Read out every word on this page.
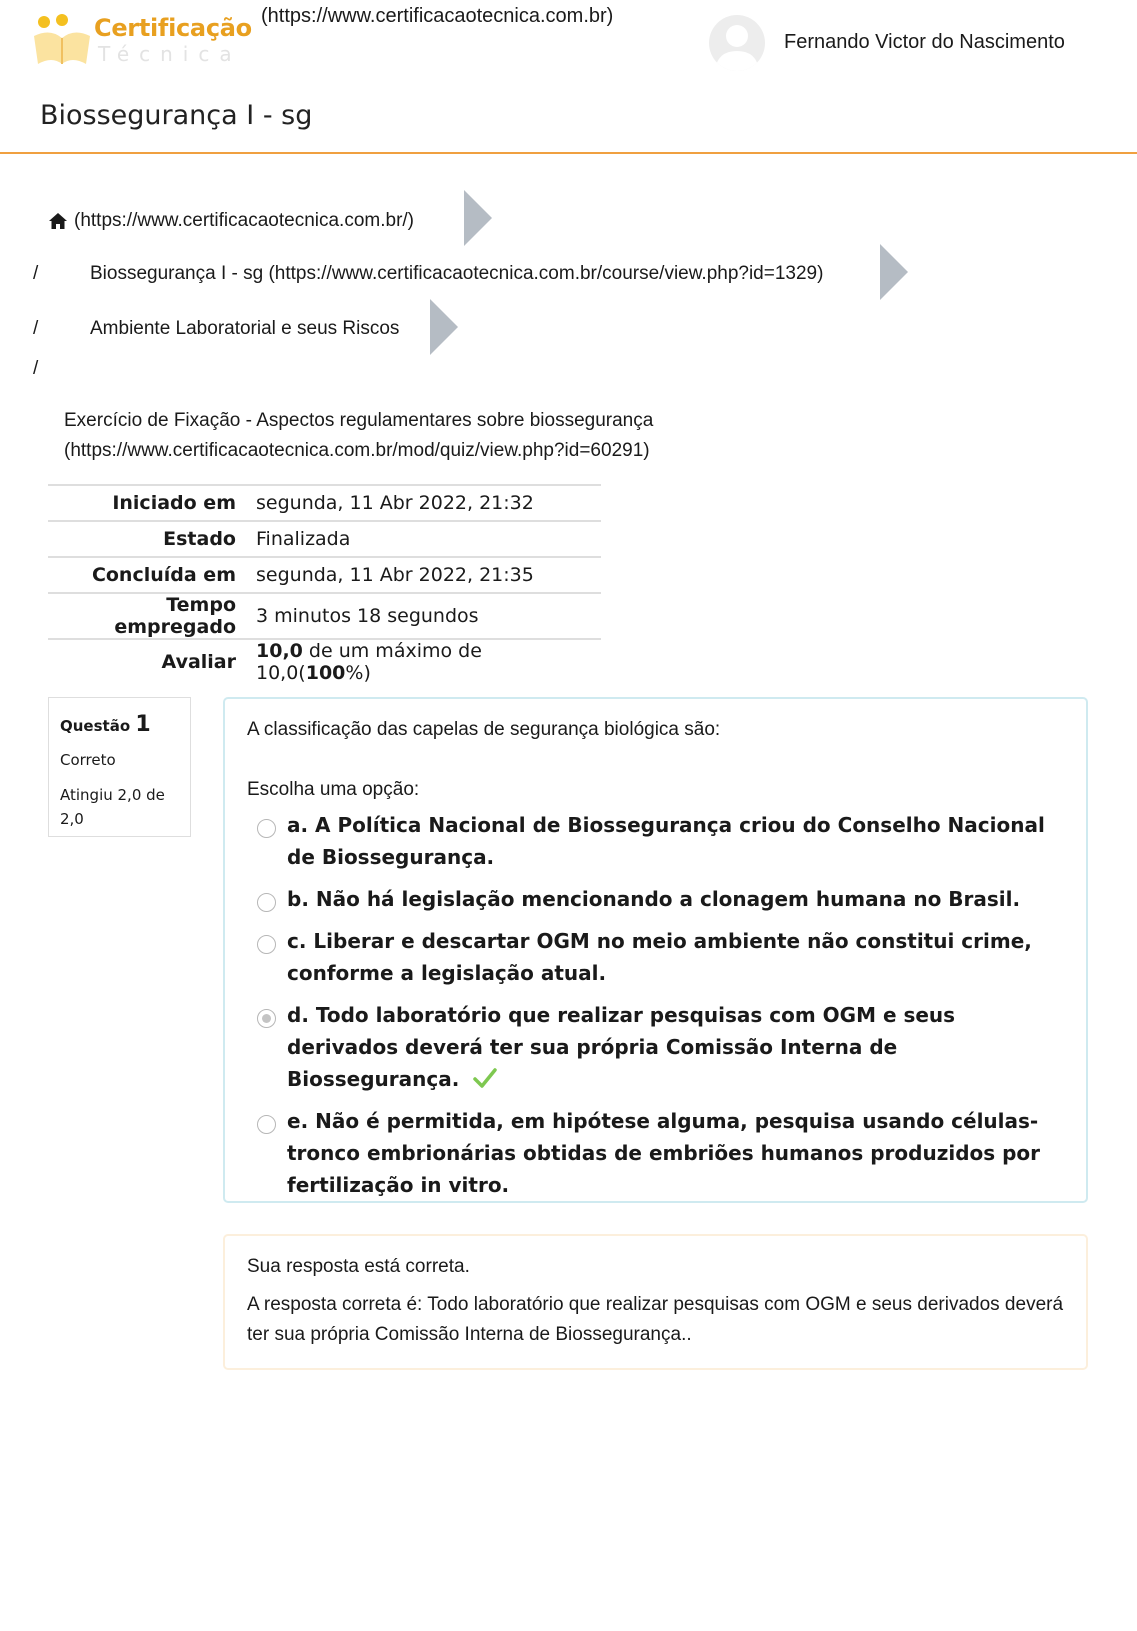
Certificação
Técnica
(https://www.certificacaotecnica.com.br)
Fernando Victor do Nascimento
Biossegurança I - sg
(https://www.certificacaotecnica.com.br/)
/	Biossegurança I - sg (https://www.certificacaotecnica.com.br/course/view.php?id=1329)
/	Ambiente Laboratorial e seus Riscos
/
Exercício de Fixação - Aspectos regulamentares sobre biossegurança (https://www.certificacaotecnica.com.br/mod/quiz/view.php?id=60291)
Iniciado em	segunda, 11 Abr 2022, 21:32
Estado	Finalizada
Concluída em	segunda, 11 Abr 2022, 21:35
Tempo empregado	3 minutos 18 segundos
Avaliar	10,0 de um máximo de 10,0(100%)
Questão 1
Correto
Atingiu 2,0 de 2,0
A classificação das capelas de segurança biológica são:
Escolha uma opção:
a. A Política Nacional de Biossegurança criou do Conselho Nacional de Biossegurança.
b. Não há legislação mencionando a clonagem humana no Brasil.
c. Liberar e descartar OGM no meio ambiente não constitui crime, conforme a legislação atual.
d. Todo laboratório que realizar pesquisas com OGM e seus derivados deverá ter sua própria Comissão Interna de Biossegurança.
e. Não é permitida, em hipótese alguma, pesquisa usando células-tronco embrionárias obtidas de embriões humanos produzidos por fertilização in vitro.
Sua resposta está correta.
A resposta correta é: Todo laboratório que realizar pesquisas com OGM e seus derivados deverá ter sua própria Comissão Interna de Biossegurança..
